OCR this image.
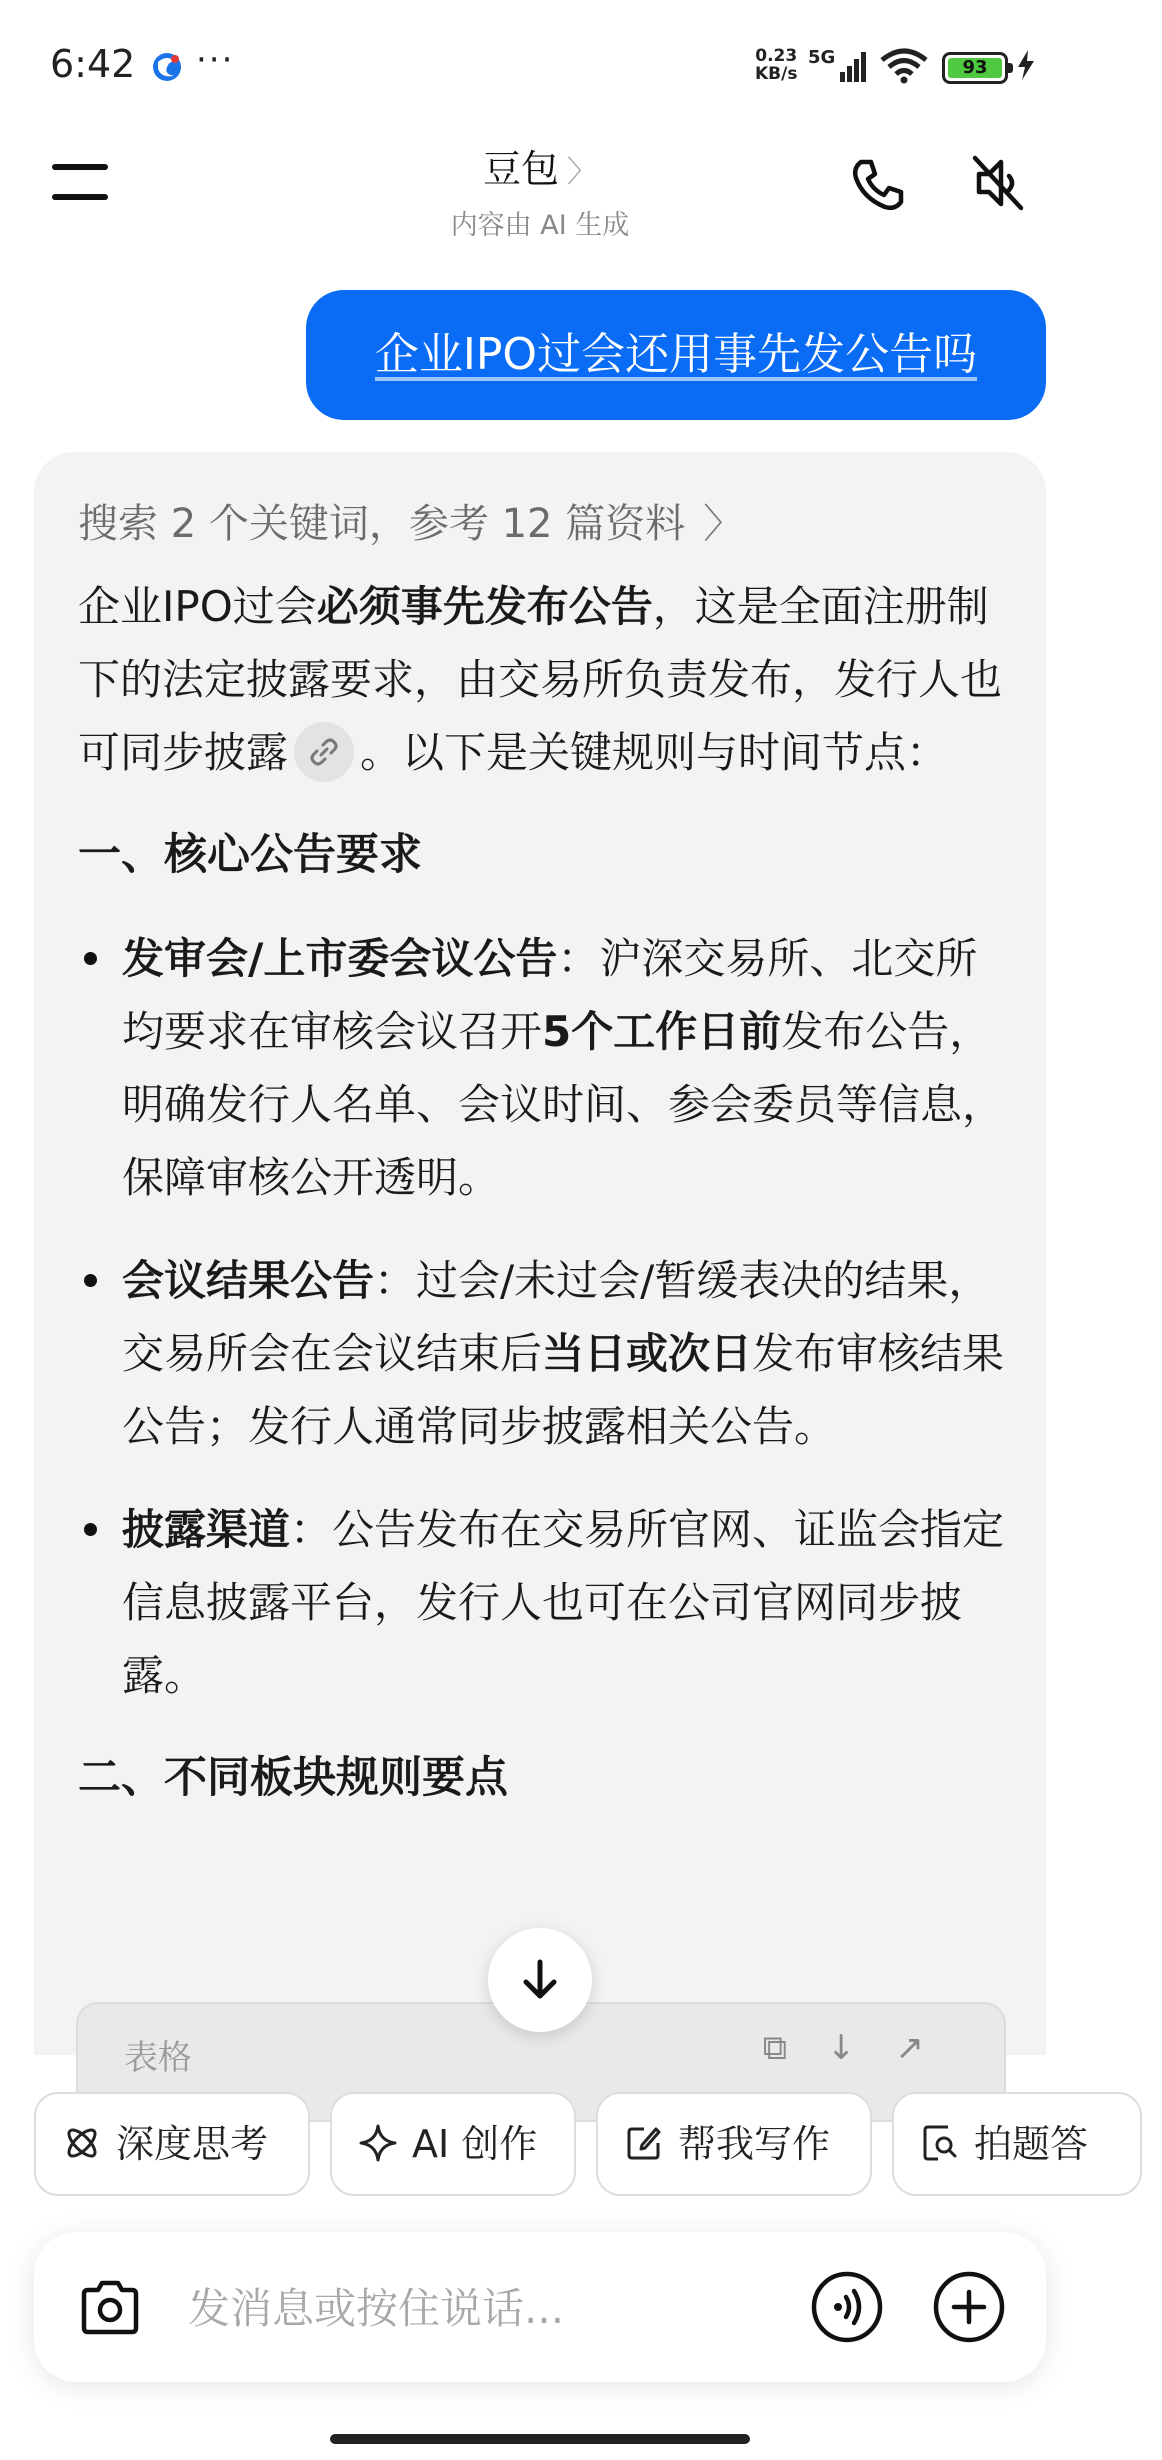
6:42 ···	0.23
KB/s
5G	93
豆包 〉
内容由 AI 生成
企业IPO过会还用事先发公告吗
搜索 2 个关键词，参考 12 篇资料 〉
企业IPO过会必须事先发布公告，这是全面注册制下的法定披露要求，由交易所负责发布，发行人也可同步披露 。以下是关键规则与时间节点：
一、核心公告要求
发审会/上市委会议公告：沪深交易所、北交所均要求在审核会议召开5个工作日前发布公告，明确发行人名单、会议时间、参会委员等信息，保障审核公开透明。
会议结果公告：过会/未过会/暂缓表决的结果，交易所会在会议结束后当日或次日发布审核结果公告；发行人通常同步披露相关公告。
披露渠道：公告发布在交易所官网、证监会指定信息披露平台，发行人也可在公司官网同步披露。
二、不同板块规则要点
表格	⧉↓↗
深度思考	AI 创作	帮我写作	拍题答
发消息或按住说话...
